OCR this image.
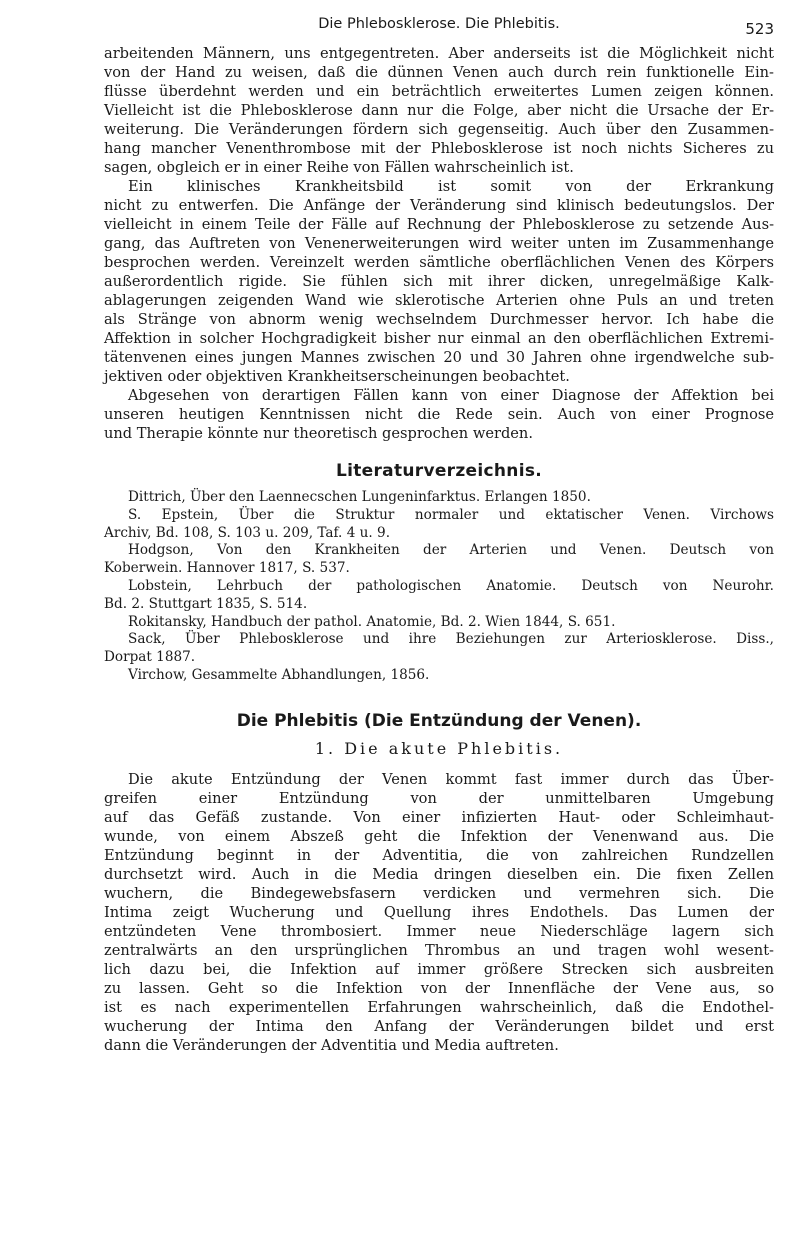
Die Phlebosklerose. Die Phlebitis.	523
arbeitenden Männern, uns entgegentreten. Aber anderseits ist die Möglichkeit nicht
von der Hand zu weisen, daß die dünnen Venen auch durch rein funktionelle Ein-
flüsse überdehnt werden und ein beträchtlich erweitertes Lumen zeigen können.
Vielleicht ist die Phlebosklerose dann nur die Folge, aber nicht die Ursache der Er-
weiterung. Die Veränderungen fördern sich gegenseitig. Auch über den Zusammen-
hang mancher Venenthrombose mit der Phlebosklerose ist noch nichts Sicheres zu
sagen, obgleich er in einer Reihe von Fällen wahrscheinlich ist.
Ein klinisches Krankheitsbild ist somit von der Erkrankung
nicht zu entwerfen. Die Anfänge der Veränderung sind klinisch bedeutungslos. Der
vielleicht in einem Teile der Fälle auf Rechnung der Phlebosklerose zu setzende Aus-
gang, das Auftreten von Venenerweiterungen wird weiter unten im Zusammenhange
besprochen werden. Vereinzelt werden sämtliche oberflächlichen Venen des Körpers
außerordentlich rigide. Sie fühlen sich mit ihrer dicken, unregelmäßige Kalk-
ablagerungen zeigenden Wand wie sklerotische Arterien ohne Puls an und treten
als Stränge von abnorm wenig wechselndem Durchmesser hervor. Ich habe die
Affektion in solcher Hochgradigkeit bisher nur einmal an den oberflächlichen Extremi-
tätenvenen eines jungen Mannes zwischen 20 und 30 Jahren ohne irgendwelche sub-
jektiven oder objektiven Krankheitserscheinungen beobachtet.
Abgesehen von derartigen Fällen kann von einer Diagnose der Affektion bei
unseren heutigen Kenntnissen nicht die Rede sein. Auch von einer Prognose
und Therapie könnte nur theoretisch gesprochen werden.
Literaturverzeichnis.
Dittrich, Über den Laennecschen Lungeninfarktus. Erlangen 1850.
S. Epstein, Über die Struktur normaler und ektatischer Venen. Virchows
Archiv, Bd. 108, S. 103 u. 209, Taf. 4 u. 9.
Hodgson, Von den Krankheiten der Arterien und Venen. Deutsch von
Koberwein. Hannover 1817, S. 537.
Lobstein, Lehrbuch der pathologischen Anatomie. Deutsch von Neurohr.
Bd. 2. Stuttgart 1835, S. 514.
Rokitansky, Handbuch der pathol. Anatomie, Bd. 2. Wien 1844, S. 651.
Sack, Über Phlebosklerose und ihre Beziehungen zur Arteriosklerose. Diss.,
Dorpat 1887.
Virchow, Gesammelte Abhandlungen, 1856.
Die Phlebitis (Die Entzündung der Venen).
1. Die akute Phlebitis.
Die akute Entzündung der Venen kommt fast immer durch das Über-
greifen einer Entzündung von der unmittelbaren Umgebung
auf das Gefäß zustande. Von einer infizierten Haut- oder Schleimhaut-
wunde, von einem Abszeß geht die Infektion der Venenwand aus. Die
Entzündung beginnt in der Adventitia, die von zahlreichen Rundzellen
durchsetzt wird. Auch in die Media dringen dieselben ein. Die fixen Zellen
wuchern, die Bindegewebsfasern verdicken und vermehren sich. Die
Intima zeigt Wucherung und Quellung ihres Endothels. Das Lumen der
entzündeten Vene thrombosiert. Immer neue Niederschläge lagern sich
zentralwärts an den ursprünglichen Thrombus an und tragen wohl wesent-
lich dazu bei, die Infektion auf immer größere Strecken sich ausbreiten
zu lassen. Geht so die Infektion von der Innenfläche der Vene aus, so
ist es nach experimentellen Erfahrungen wahrscheinlich, daß die Endothel-
wucherung der Intima den Anfang der Veränderungen bildet und erst
dann die Veränderungen der Adventitia und Media auftreten.
